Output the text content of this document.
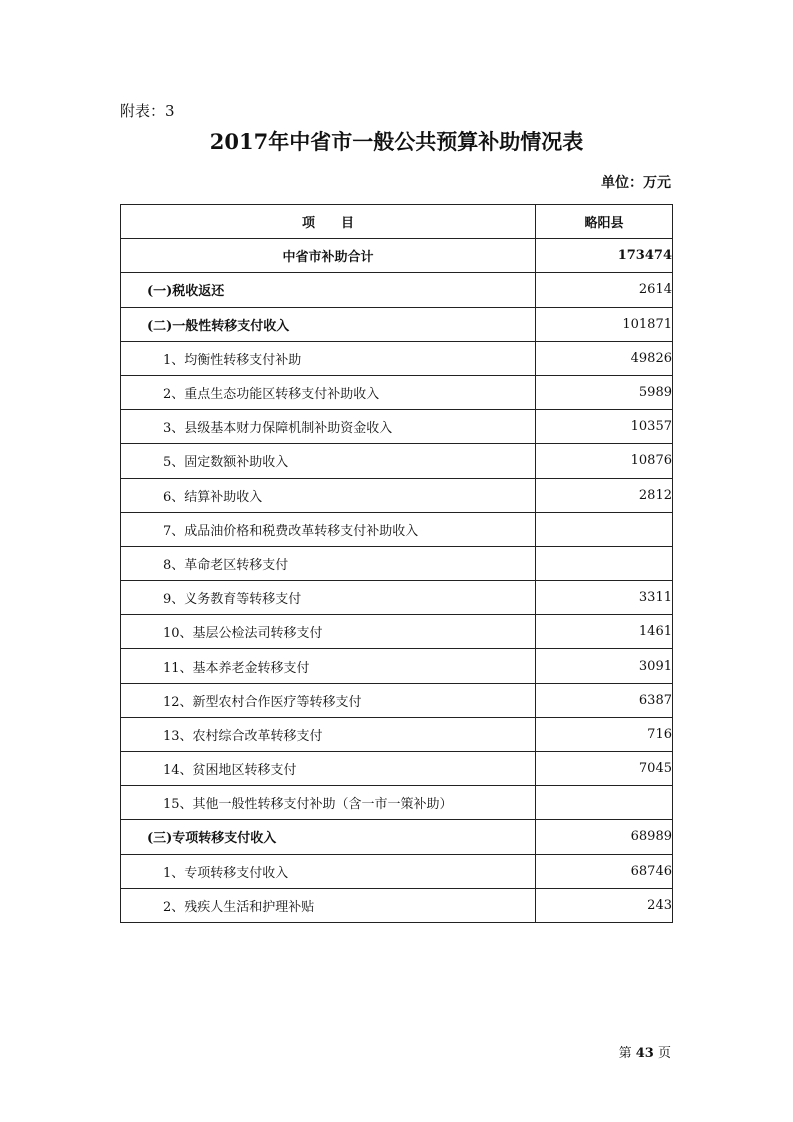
附表：3
2017年中省市一般公共预算补助情况表
单位：万元
项　　目	略阳县
中省市补助合计	173474
(一)税收返还	2614
(二)一般性转移支付收入	101871
1、均衡性转移支付补助	49826
2、重点生态功能区转移支付补助收入	5989
3、县级基本财力保障机制补助资金收入	10357
5、固定数额补助收入	10876
6、结算补助收入	2812
7、成品油价格和税费改革转移支付补助收入	
8、革命老区转移支付	
9、义务教育等转移支付	3311
10、基层公检法司转移支付	1461
11、基本养老金转移支付	3091
12、新型农村合作医疗等转移支付	6387
13、农村综合改革转移支付	716
14、贫困地区转移支付	7045
15、其他一般性转移支付补助（含一市一策补助）	
(三)专项转移支付收入	68989
1、专项转移支付收入	68746
2、残疾人生活和护理补贴	243
第 43 页
